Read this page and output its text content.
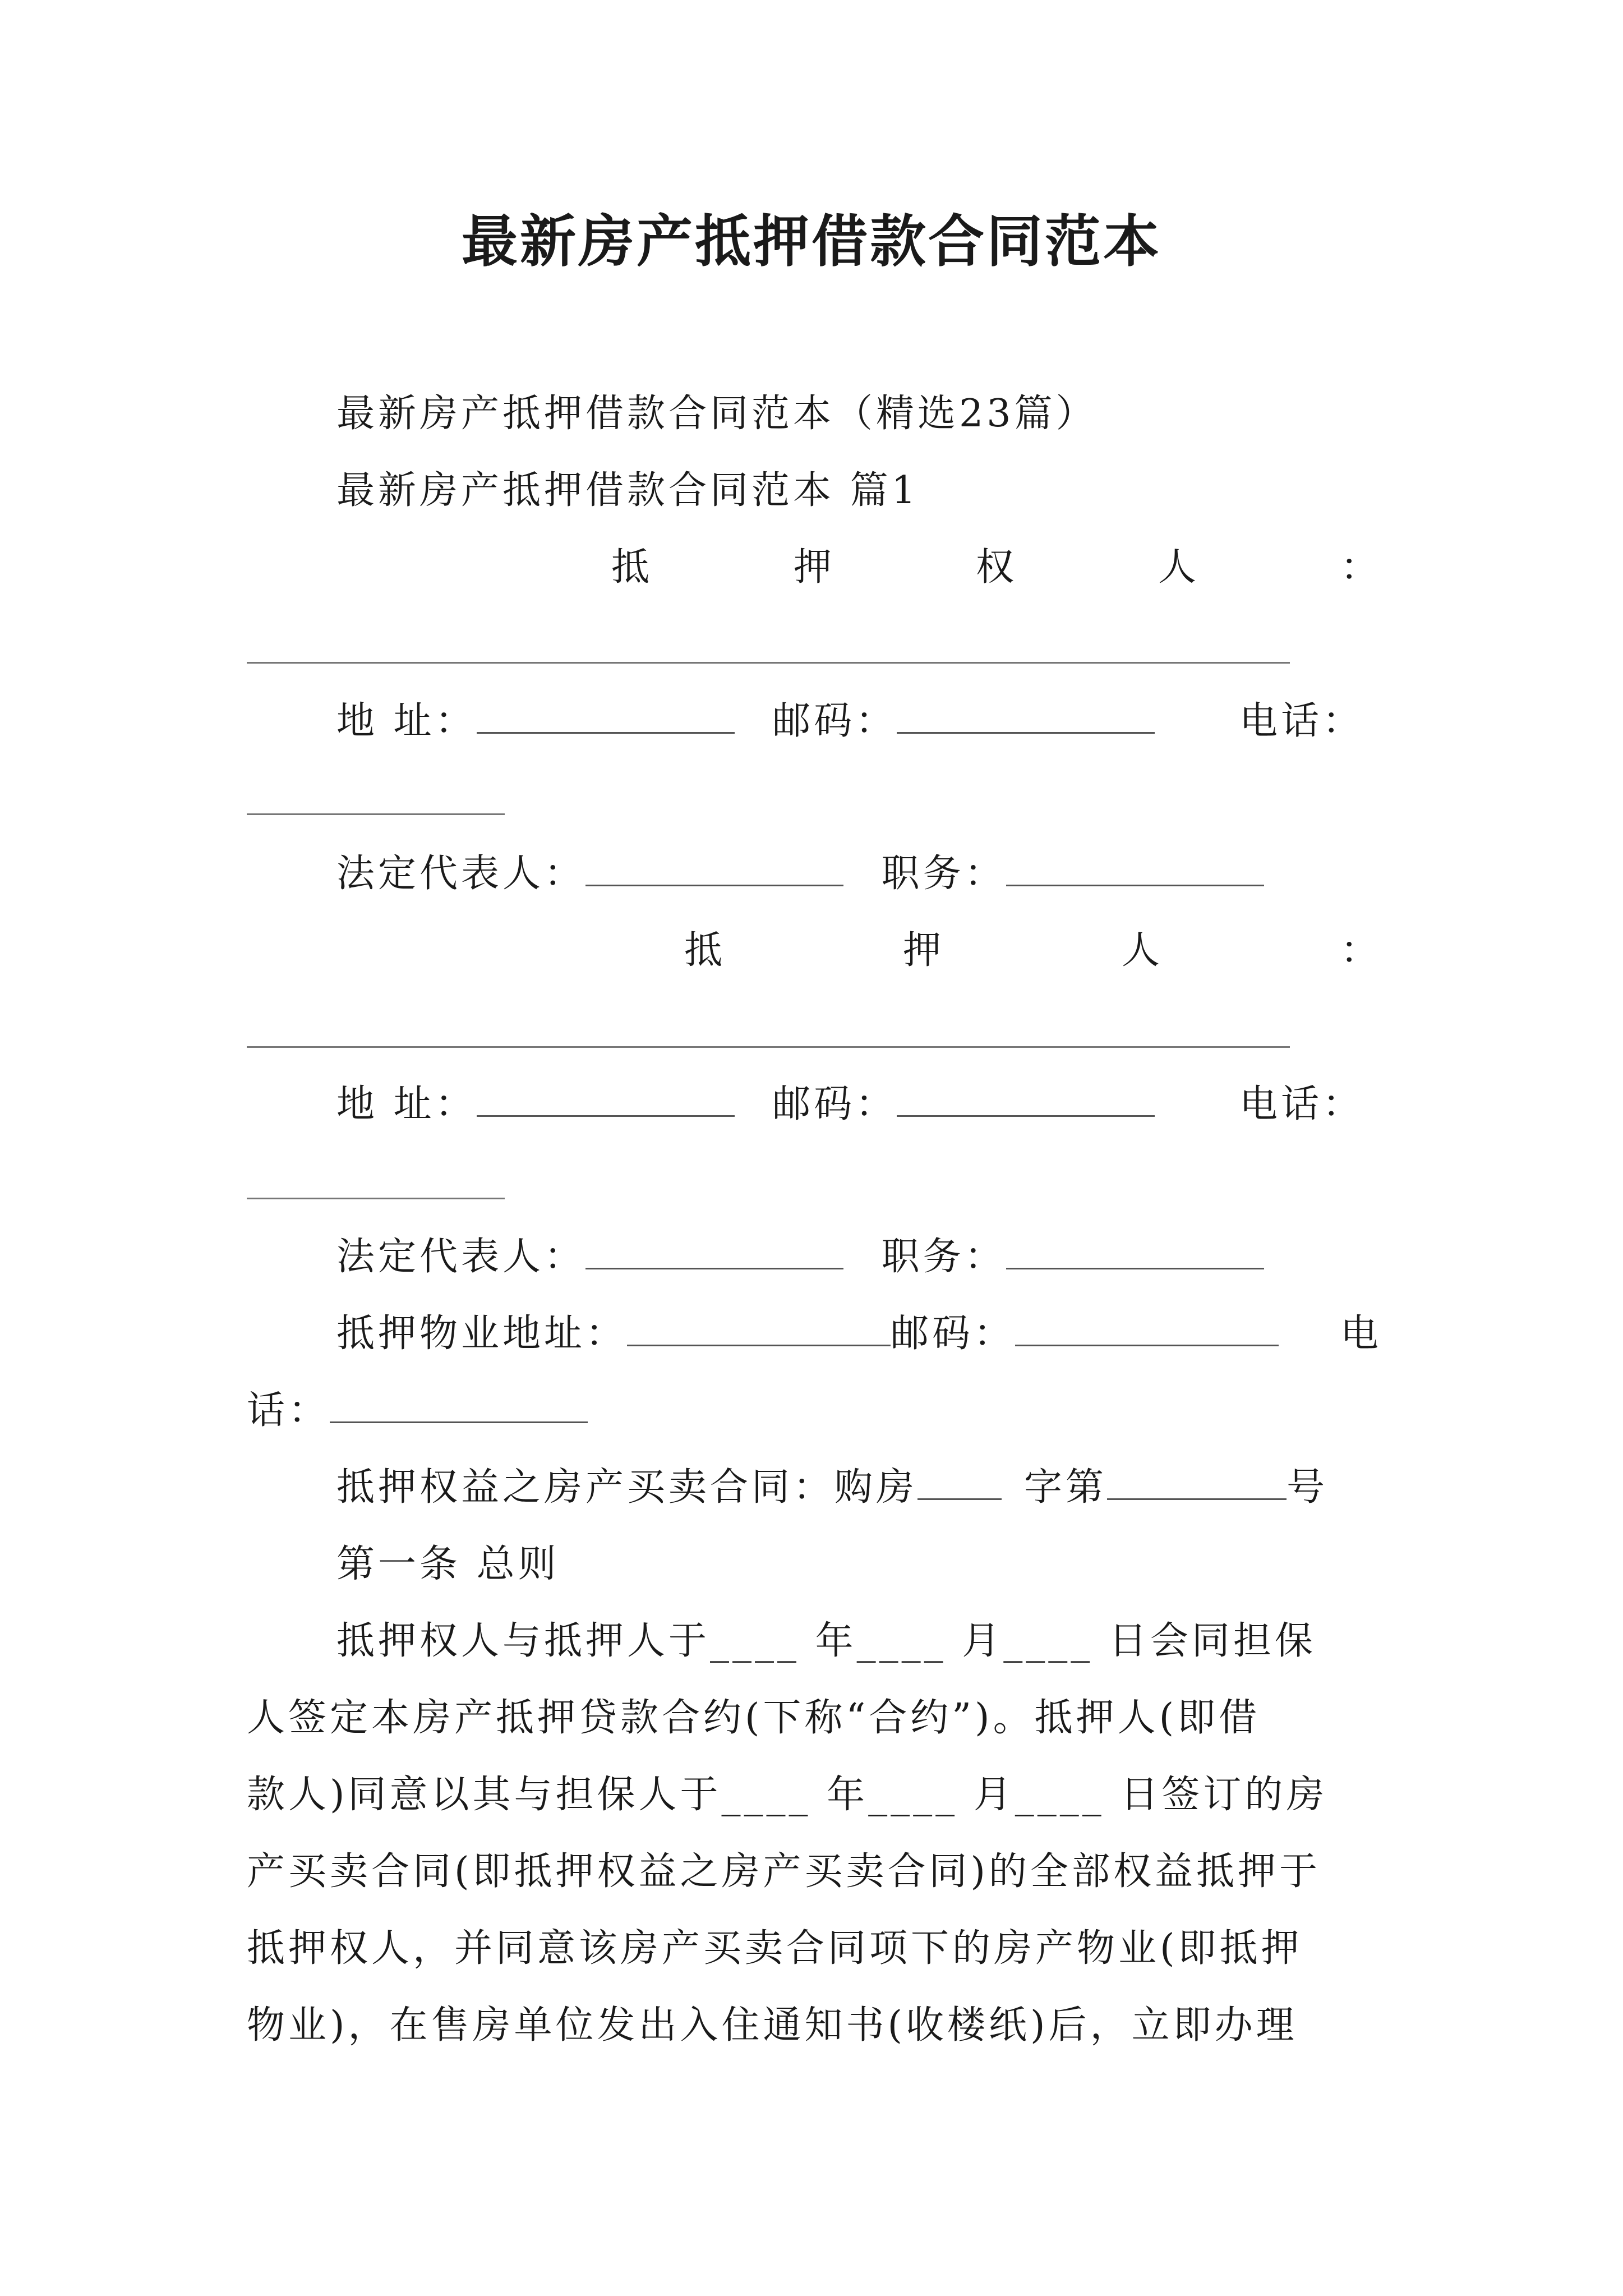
最新房产抵押借款合同范本
最新房产抵押借款合同范本（精选23篇）
最新房产抵押借款合同范本 篇1
抵	押	权	人	：
地 址：	邮码：	电话：
法定代表人：	职务：
抵	押	人	：
地 址：	邮码：	电话：
法定代表人：	职务：
抵押物业地址：	邮码：	电
话：
抵押权益之房产买卖合同：购房	字第	号
第一条 总则
抵押权人与抵押人于____ 年____ 月____ 日会同担保
人签定本房产抵押贷款合约(下称“合约”)。抵押人(即借
款人)同意以其与担保人于____ 年____ 月____ 日签订的房
产买卖合同(即抵押权益之房产买卖合同)的全部权益抵押于
抵押权人，并同意该房产买卖合同项下的房产物业(即抵押
物业)，在售房单位发出入住通知书(收楼纸)后，立即办理
